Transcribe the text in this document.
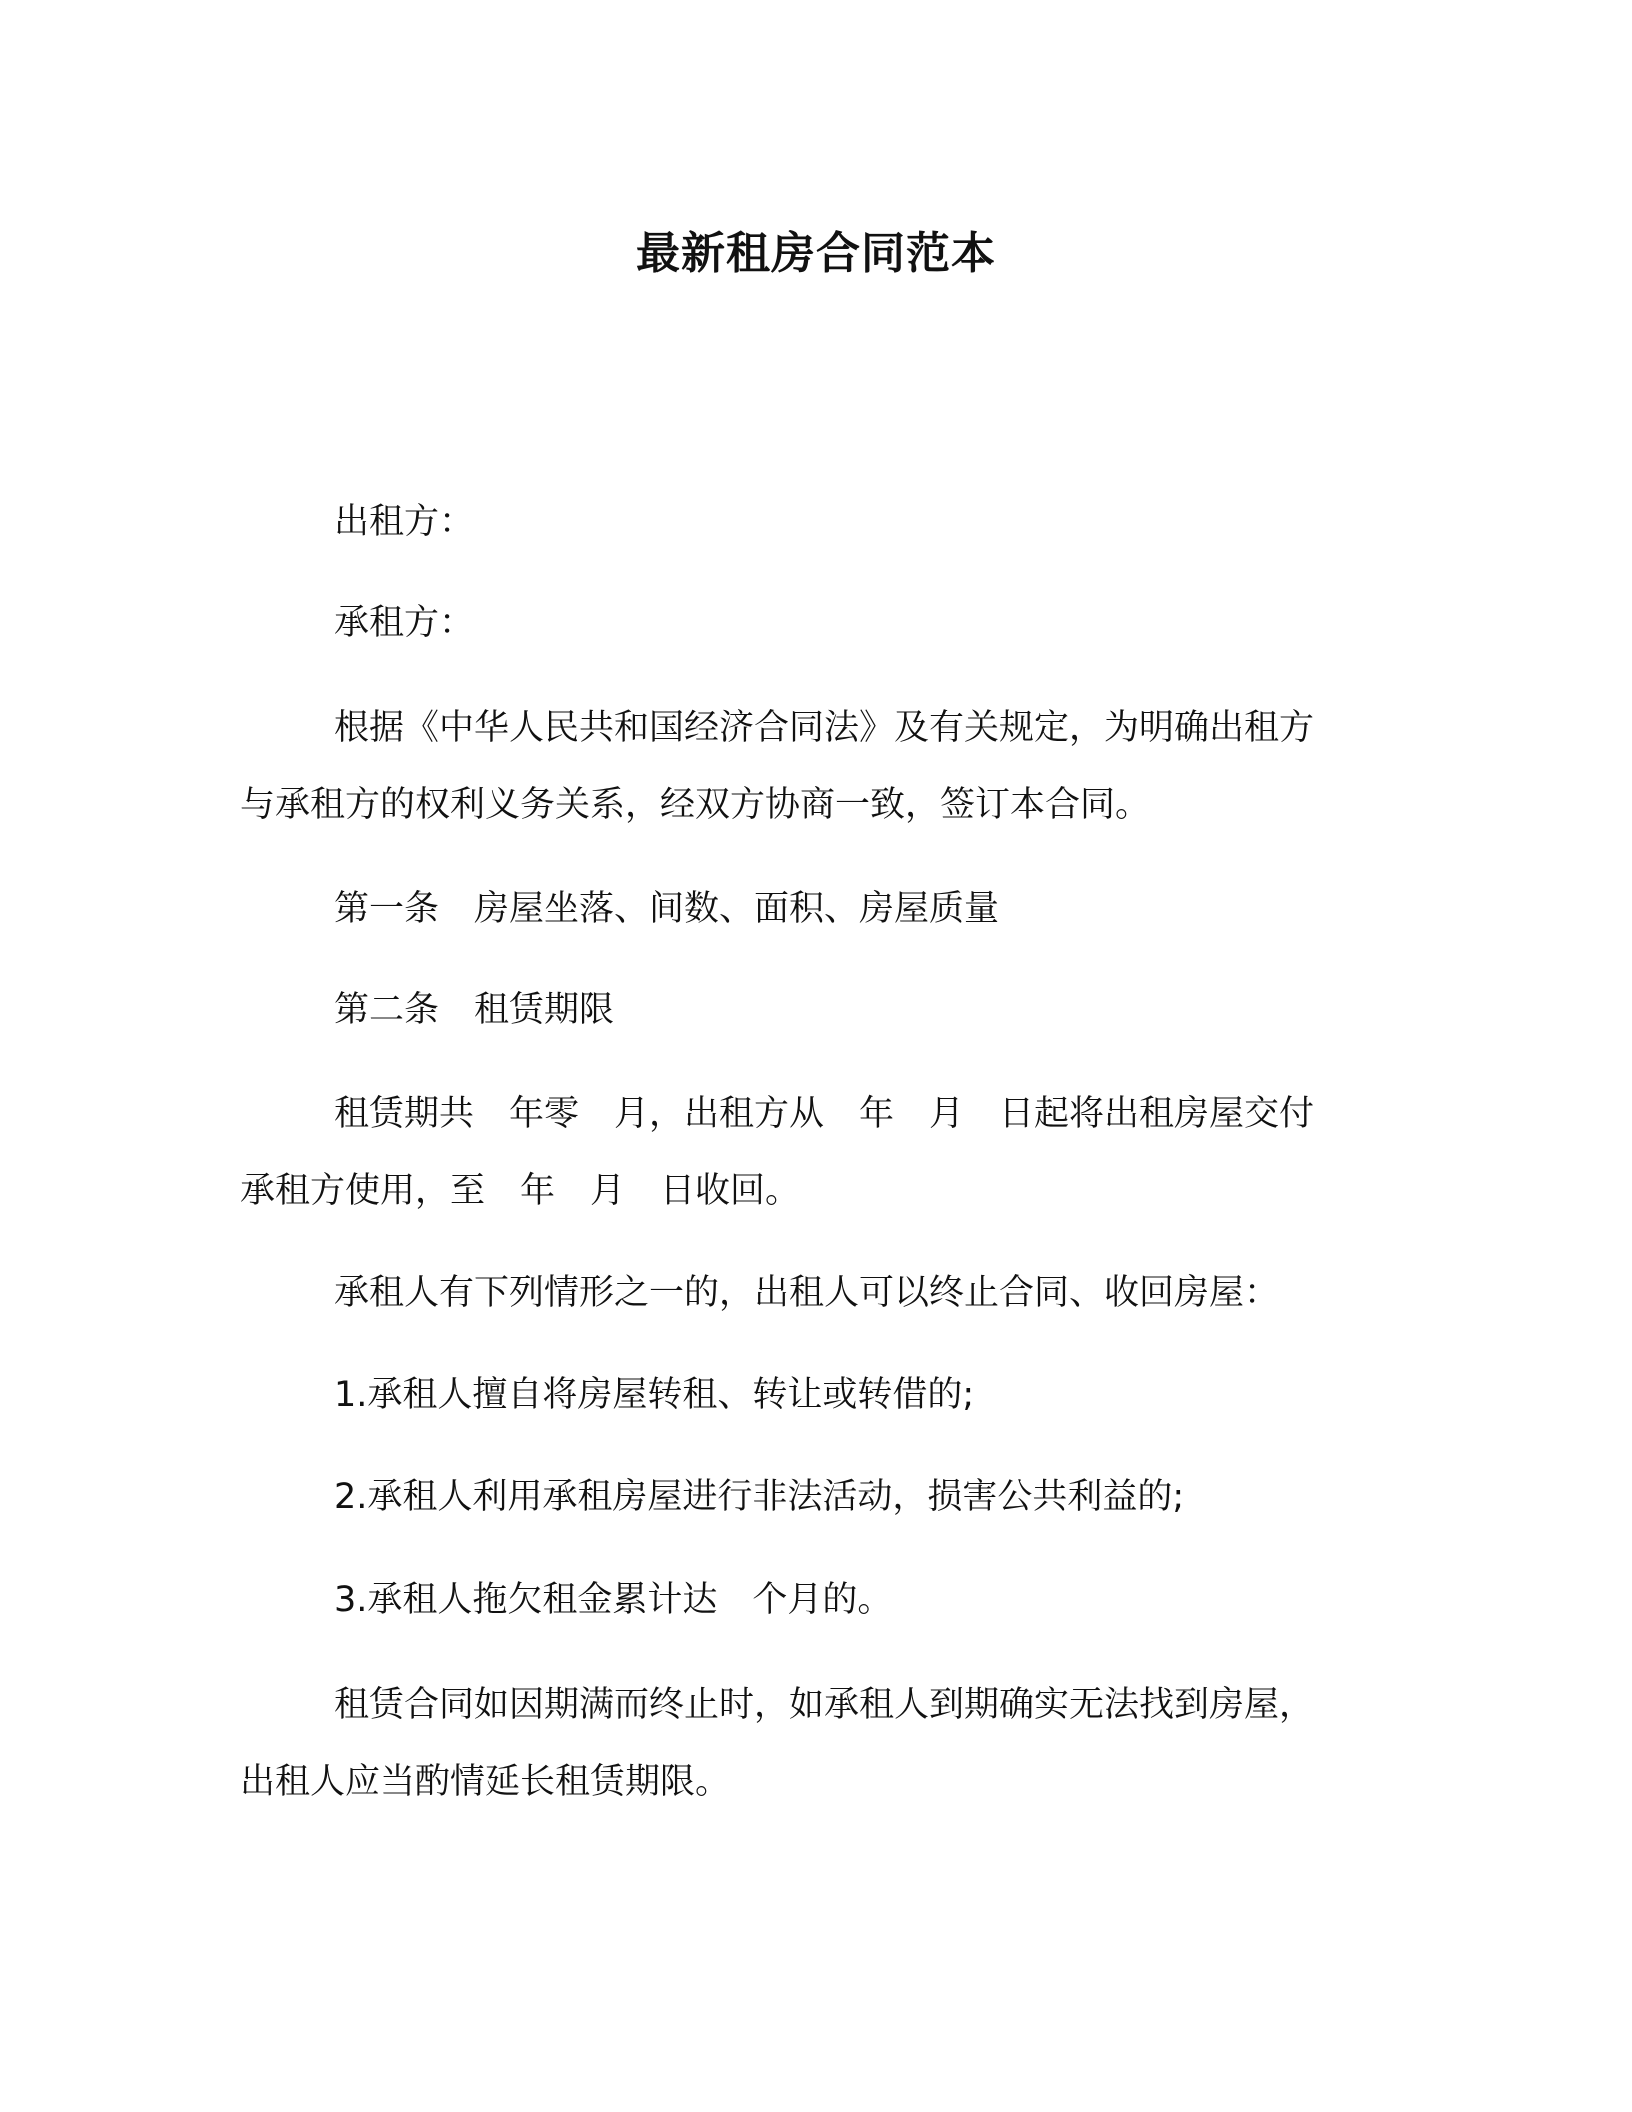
最新租房合同范本
出租方：
承租方：
根据《中华人民共和国经济合同法》及有关规定，为明确出租方
与承租方的权利义务关系，经双方协商一致，签订本合同。
第一条　房屋坐落、间数、面积、房屋质量
第二条　租赁期限
租赁期共　年零　月，出租方从　年　月　日起将出租房屋交付
承租方使用，至　年　月　日收回。
承租人有下列情形之一的，出租人可以终止合同、收回房屋：
1.承租人擅自将房屋转租、转让或转借的;
2.承租人利用承租房屋进行非法活动，损害公共利益的;
3.承租人拖欠租金累计达　个月的。
租赁合同如因期满而终止时，如承租人到期确实无法找到房屋，
出租人应当酌情延长租赁期限。
